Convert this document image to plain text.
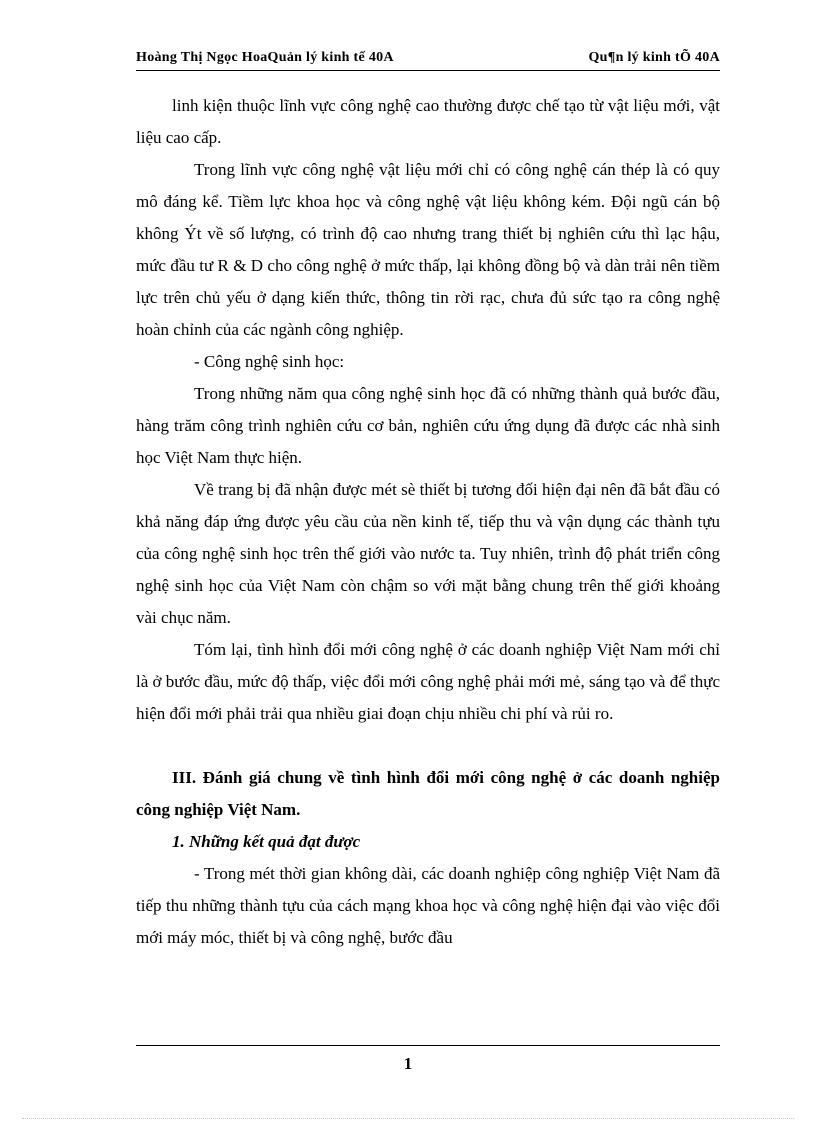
Hoàng Thị Ngọc HoaQuản lý kinh tế 40A	Qu¶n lý kinh tÕ 40A

linh kiện thuộc lĩnh vực công nghệ cao thường được chế tạo từ vật liệu mới, vật liệu cao cấp.

Trong lĩnh vực công nghệ vật liệu mới chỉ có công nghệ cán thép là có quy mô đáng kể. Tiềm lực khoa học và công nghệ vật liệu không kém. Đội ngũ cán bộ không Ýt về số lượng, có trình độ cao nhưng trang thiết bị nghiên cứu thì lạc hậu, mức đầu tư R & D cho công nghệ ở mức thấp, lại không đồng bộ và dàn trải nên tiềm lực trên chủ yếu ở dạng kiến thức, thông tin rời rạc, chưa đủ sức tạo ra công nghệ hoàn chỉnh của các ngành công nghiệp.

- Công nghệ sinh học:

Trong những năm qua công nghệ sinh học đã có những thành quả bước đầu, hàng trăm công trình nghiên cứu cơ bản, nghiên cứu ứng dụng đã được các nhà sinh học Việt Nam thực hiện.

Về trang bị đã nhận được mét sè thiết bị tương đối hiện đại nên đã bắt đầu có khả năng đáp ứng được yêu cầu của nền kinh tế, tiếp thu và vận dụng các thành tựu của công nghệ sinh học trên thế giới vào nước ta. Tuy nhiên, trình độ phát triển công nghệ sinh học của Việt Nam còn chậm so với mặt bằng chung trên thế giới khoảng vài chục năm.

Tóm lại, tình hình đổi mới công nghệ ở các doanh nghiệp Việt Nam mới chỉ là ở bước đầu, mức độ thấp, việc đổi mới công nghệ phải mới mẻ, sáng tạo và để thực hiện đổi mới phải trải qua nhiều giai đoạn chịu nhiều chi phí và rủi ro.

III. Đánh giá chung về tình hình đổi mới công nghệ ở các doanh nghiệp công nghiệp Việt Nam.

1. Những kết quả đạt được

- Trong mét thời gian không dài, các doanh nghiệp công nghiệp Việt Nam đã tiếp thu những thành tựu của cách mạng khoa học và công nghệ hiện đại vào việc đổi mới máy móc, thiết bị và công nghệ, bước đầu

1
